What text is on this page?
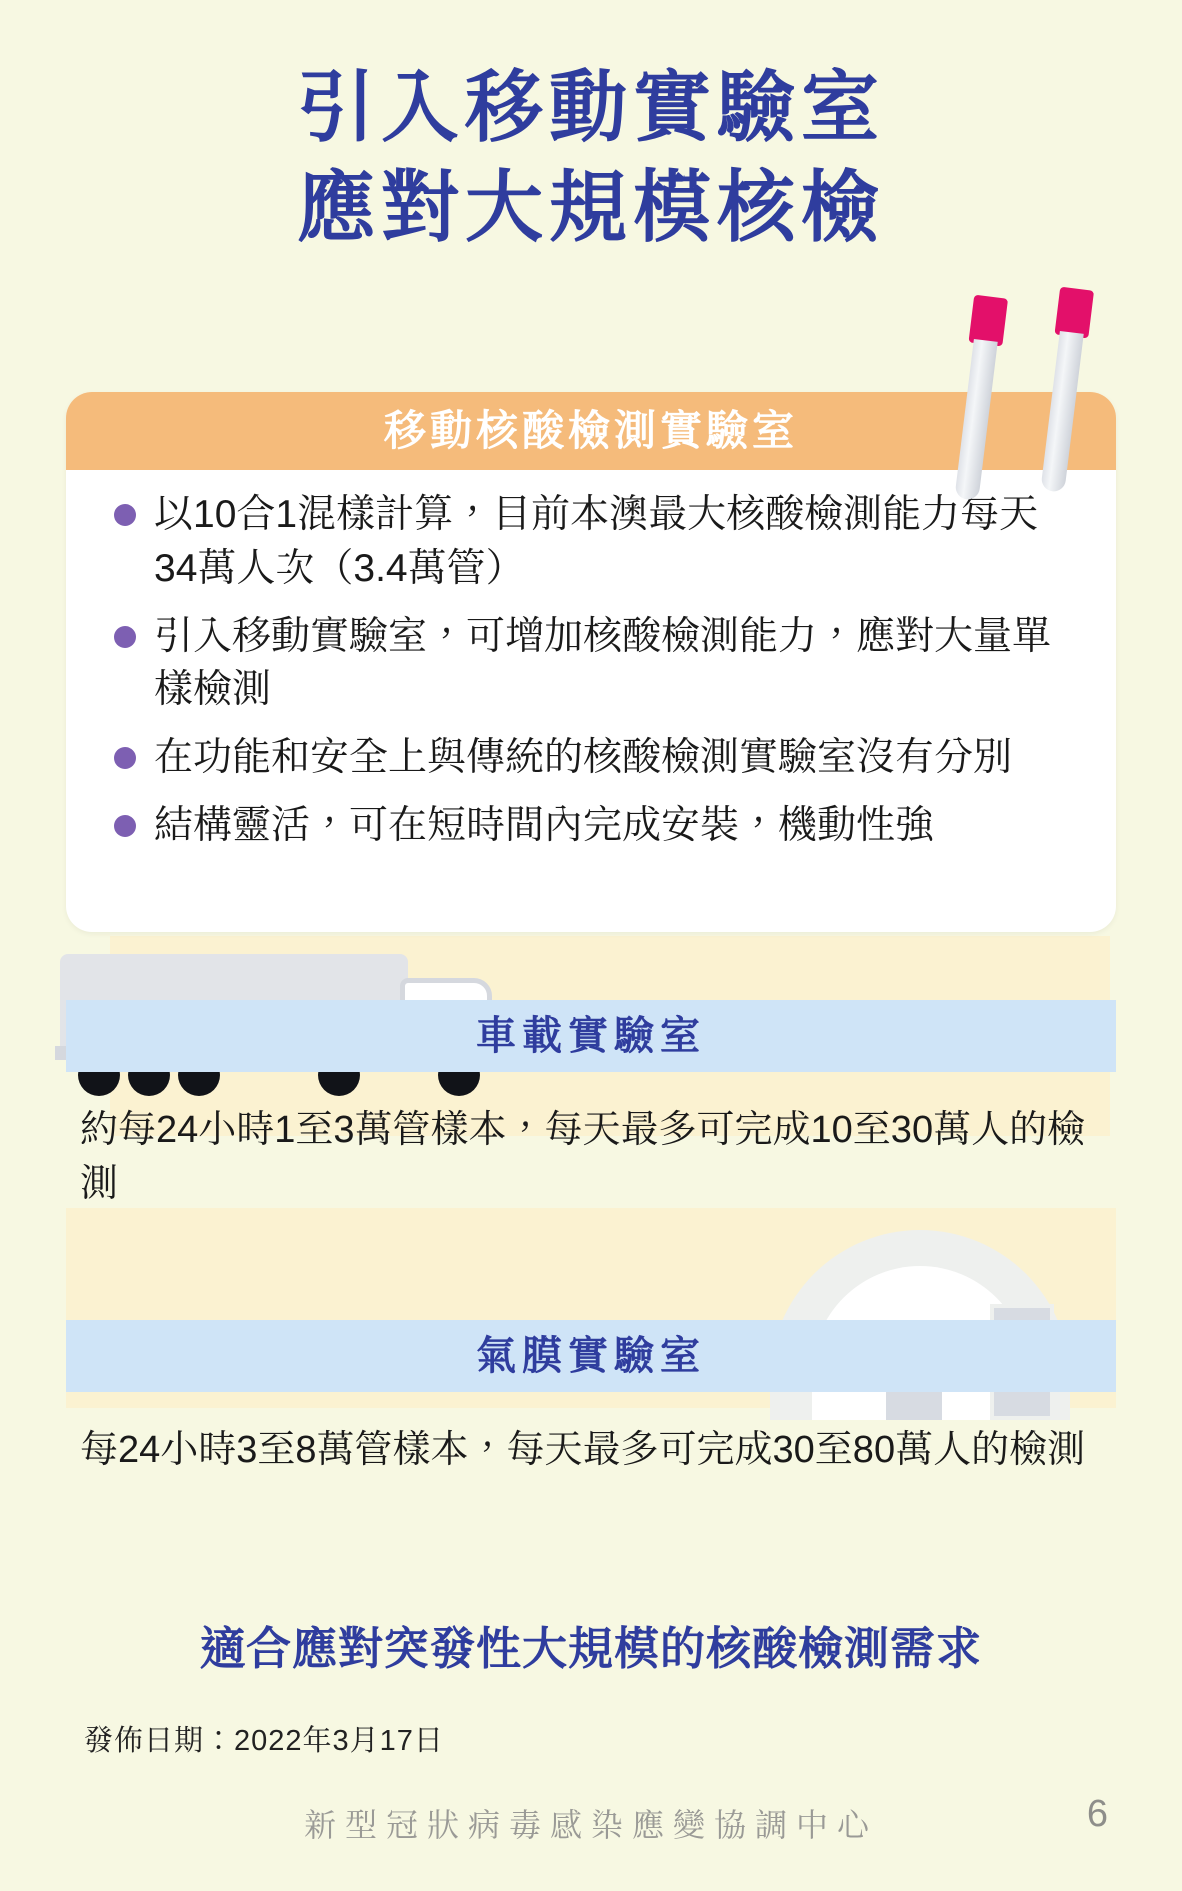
引入移動實驗室
應對大規模核檢
移動核酸檢測實驗室
以10合1混樣計算，目前本澳最大核酸檢測能力每天34萬人次（3.4萬管）
引入移動實驗室，可增加核酸檢測能力，應對大量單樣檢測
在功能和安全上與傳統的核酸檢測實驗室沒有分別
結構靈活，可在短時間內完成安裝，機動性強
車載實驗室
約每24小時1至3萬管樣本，每天最多可完成10至30萬人的檢測
氣膜實驗室
每24小時3至8萬管樣本，每天最多可完成30至80萬人的檢測
適合應對突發性大規模的核酸檢測需求
發佈日期：2022年3月17日
新型冠狀病毒感染應變協調中心	6
